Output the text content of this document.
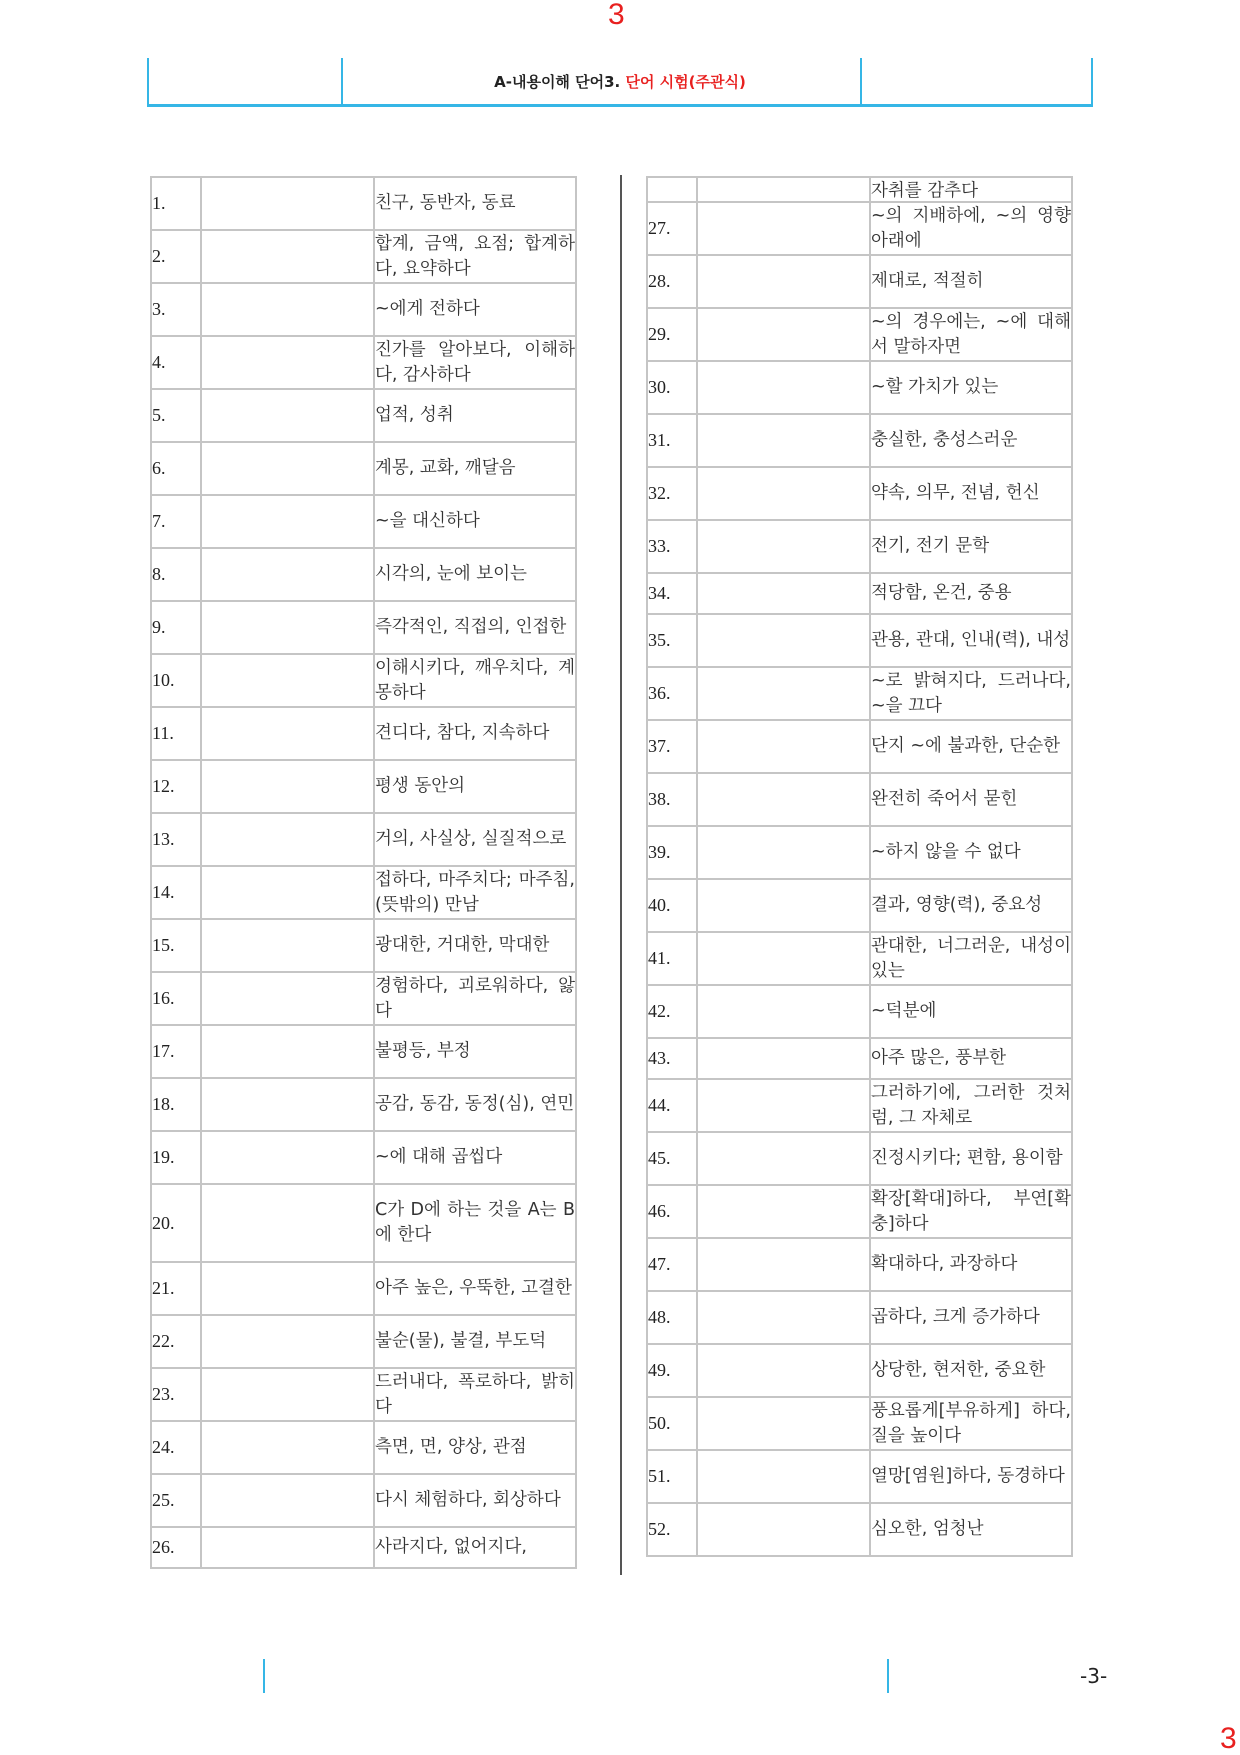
3
A-내용이해 단어3. 단어 시험(주관식)
1.		친구, 동반자, 동료
2.		합계, 금액, 요점; 합계하다, 요약하다
3.		~에게 전하다
4.		진가를 알아보다, 이해하다, 감사하다
5.		업적, 성취
6.		계몽, 교화, 깨달음
7.		~을 대신하다
8.		시각의, 눈에 보이는
9.		즉각적인, 직접의, 인접한
10.		이해시키다, 깨우치다, 계몽하다
11.		견디다, 참다, 지속하다
12.		평생 동안의
13.		거의, 사실상, 실질적으로
14.		접하다, 마주치다; 마주침, (뜻밖의) 만남
15.		광대한, 거대한, 막대한
16.		경험하다, 괴로워하다, 앓다
17.		불평등, 부정
18.		공감, 동감, 동정(심), 연민
19.		~에 대해 곱씹다
20.		C가 D에 하는 것을 A는 B에 한다
21.		아주 높은, 우뚝한, 고결한
22.		불순(물), 불결, 부도덕
23.		드러내다, 폭로하다, 밝히다
24.		측면, 면, 양상, 관점
25.		다시 체험하다, 회상하다
26.		사라지다, 없어지다,
		자취를 감추다
27.		~의 지배하에, ~의 영향 아래에
28.		제대로, 적절히
29.		~의 경우에는, ~에 대해서 말하자면
30.		~할 가치가 있는
31.		충실한, 충성스러운
32.		약속, 의무, 전념, 헌신
33.		전기, 전기 문학
34.		적당함, 온건, 중용
35.		관용, 관대, 인내(력), 내성
36.		~로 밝혀지다, 드러나다, ~을 끄다
37.		단지 ~에 불과한, 단순한
38.		완전히 죽어서 묻힌
39.		~하지 않을 수 없다
40.		결과, 영향(력), 중요성
41.		관대한, 너그러운, 내성이 있는
42.		~덕분에
43.		아주 많은, 풍부한
44.		그러하기에, 그러한 것처럼, 그 자체로
45.		진정시키다; 편함, 용이함
46.		확장[확대]하다, 부연[확충]하다
47.		확대하다, 과장하다
48.		곱하다, 크게 증가하다
49.		상당한, 현저한, 중요한
50.		풍요롭게[부유하게] 하다, 질을 높이다
51.		열망[염원]하다, 동경하다
52.		심오한, 엄청난
-3-
3
